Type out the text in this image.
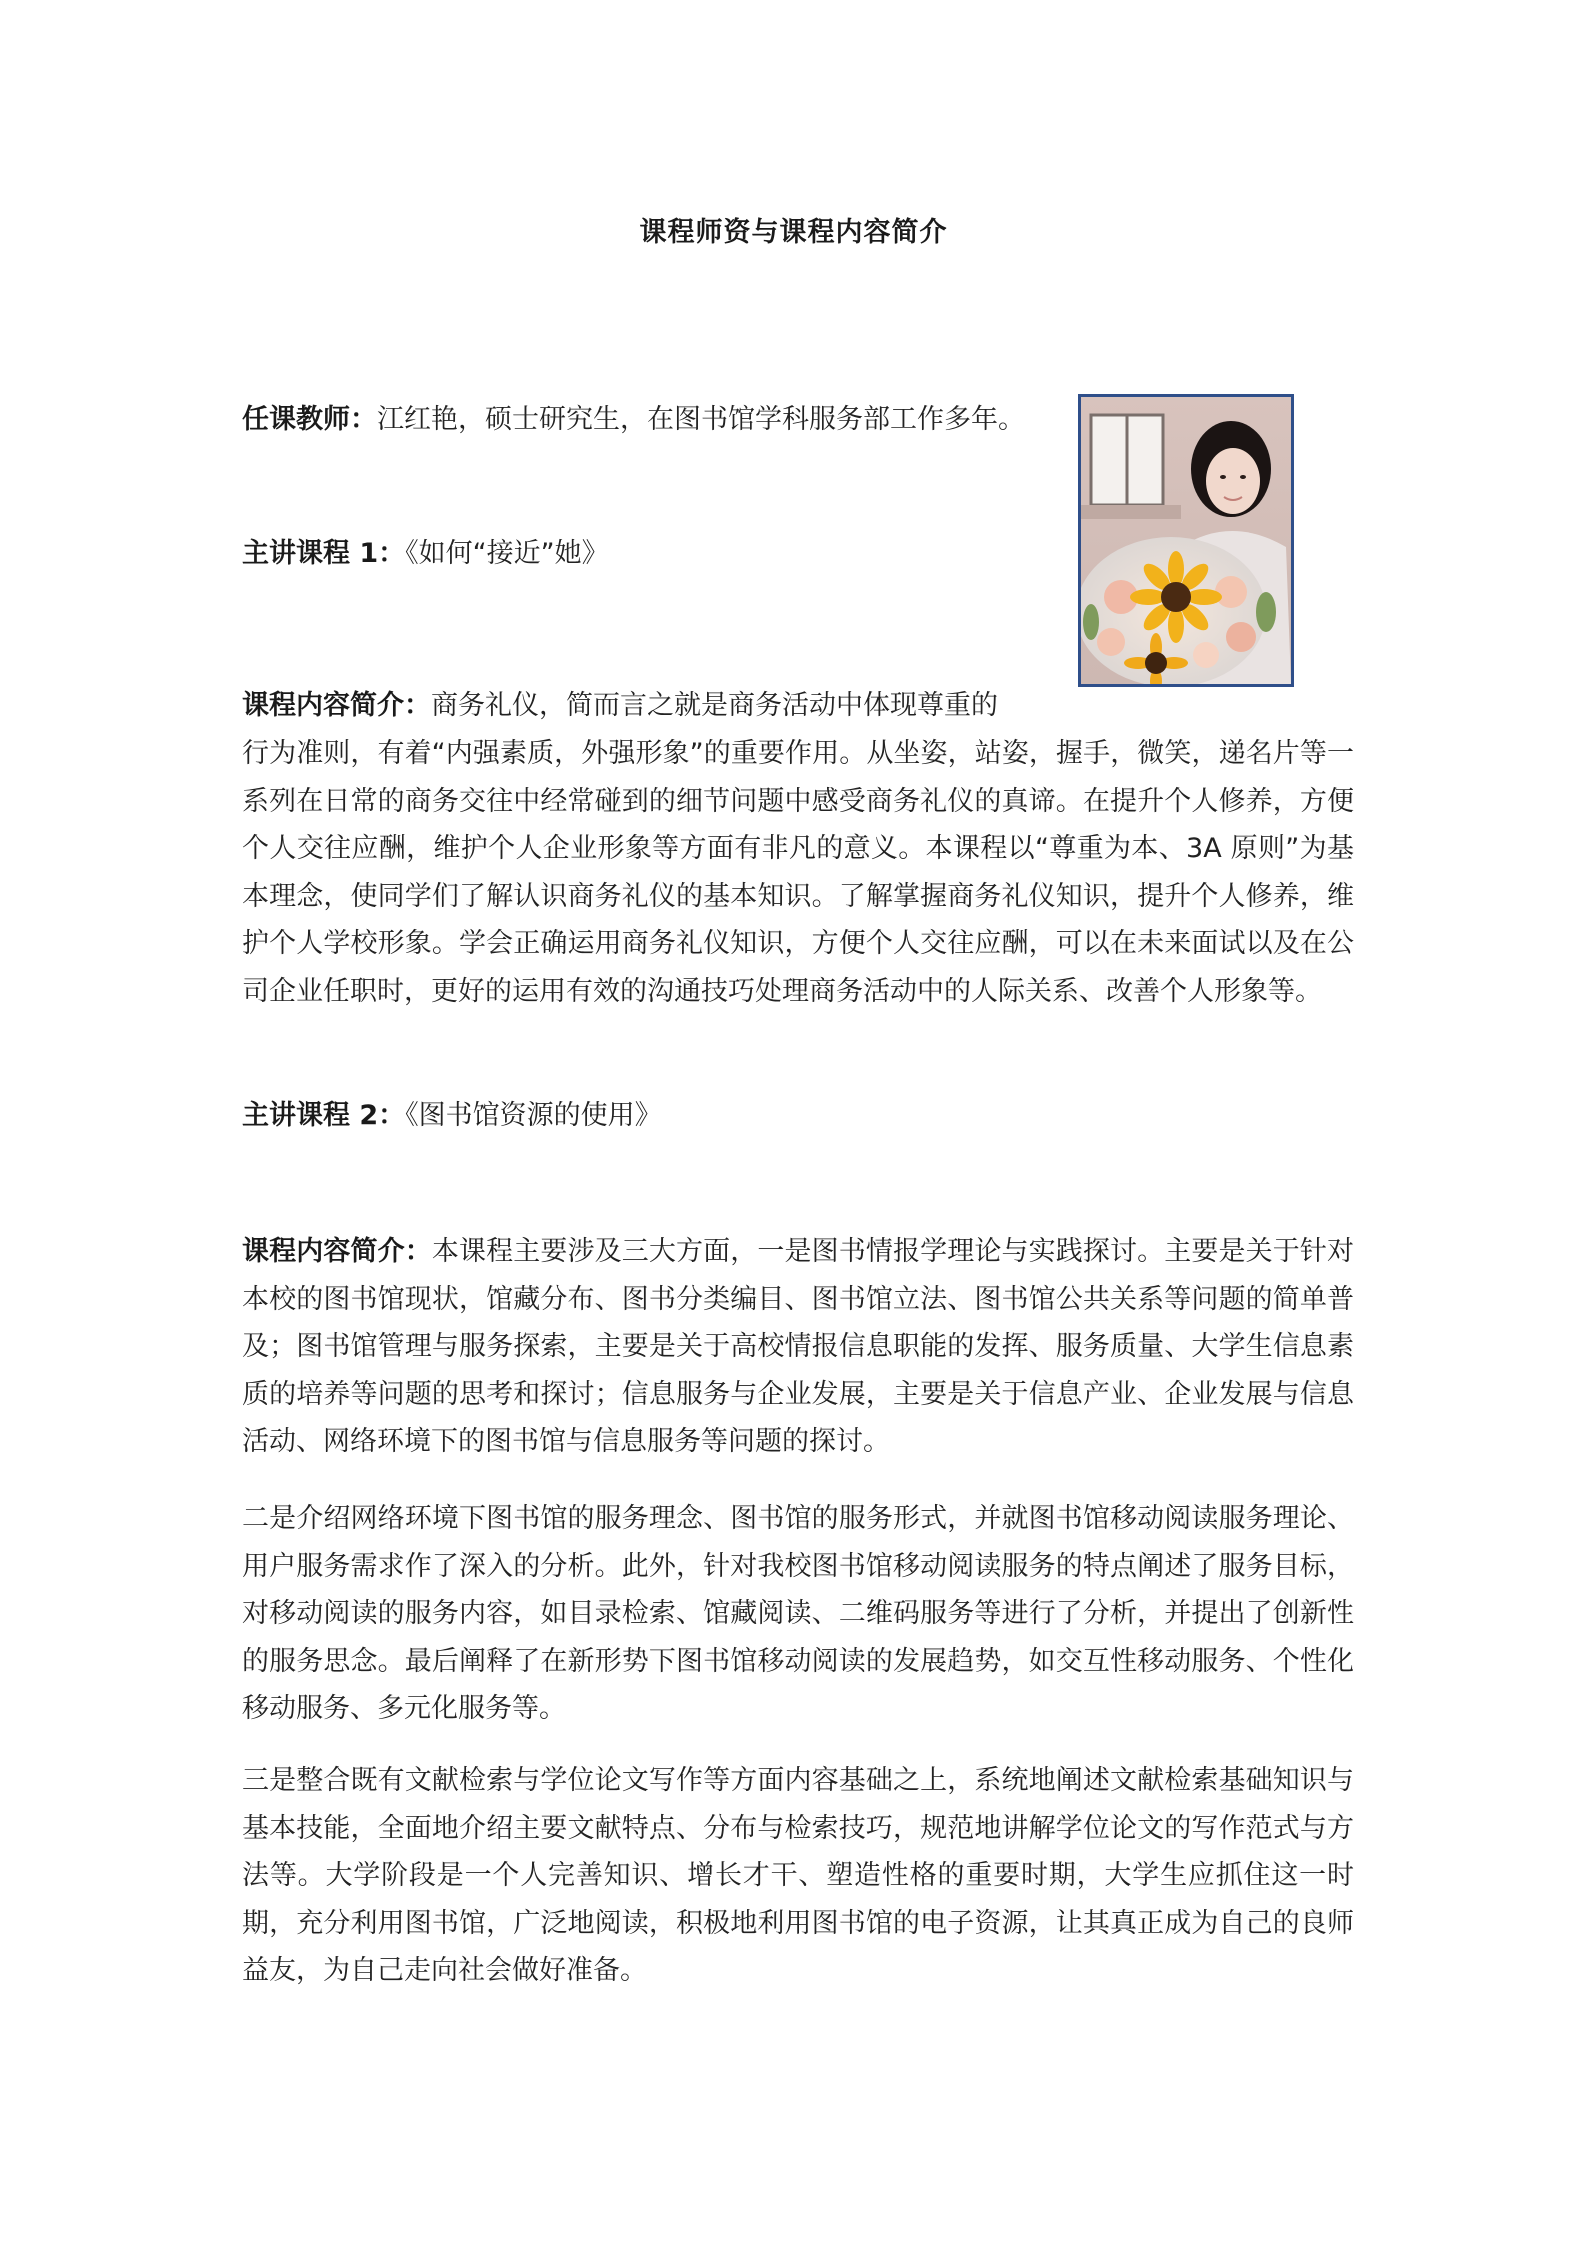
课程师资与课程内容简介

任课教师：江红艳，硕士研究生，在图书馆学科服务部工作多年。

主讲课程 1：《如何“接近”她》

课程内容简介：商务礼仪，简而言之就是商务活动中体现尊重的

行为准则，有着“内强素质，外强形象”的重要作用。从坐姿，站姿，握手，微笑，递名片等一系列在日常的商务交往中经常碰到的细节问题中感受商务礼仪的真谛。在提升个人修养，方便个人交往应酬，维护个人企业形象等方面有非凡的意义。本课程以“尊重为本、3A 原则”为基本理念，使同学们了解认识商务礼仪的基本知识。了解掌握商务礼仪知识，提升个人修养，维护个人学校形象。学会正确运用商务礼仪知识，方便个人交往应酬，可以在未来面试以及在公司企业任职时，更好的运用有效的沟通技巧处理商务活动中的人际关系、改善个人形象等。

主讲课程 2：《图书馆资源的使用》

课程内容简介：本课程主要涉及三大方面，一是图书情报学理论与实践探讨。主要是关于针对本校的图书馆现状，馆藏分布、图书分类编目、图书馆立法、图书馆公共关系等问题的简单普及；图书馆管理与服务探索，主要是关于高校情报信息职能的发挥、服务质量、大学生信息素质的培养等问题的思考和探讨；信息服务与企业发展，主要是关于信息产业、企业发展与信息活动、网络环境下的图书馆与信息服务等问题的探讨。

二是介绍网络环境下图书馆的服务理念、图书馆的服务形式，并就图书馆移动阅读服务理论、用户服务需求作了深入的分析。此外，针对我校图书馆移动阅读服务的特点阐述了服务目标，对移动阅读的服务内容，如目录检索、馆藏阅读、二维码服务等进行了分析，并提出了创新性的服务思念。最后阐释了在新形势下图书馆移动阅读的发展趋势，如交互性移动服务、个性化移动服务、多元化服务等。

三是整合既有文献检索与学位论文写作等方面内容基础之上，系统地阐述文献检索基础知识与基本技能，全面地介绍主要文献特点、分布与检索技巧，规范地讲解学位论文的写作范式与方法等。大学阶段是一个人完善知识、增长才干、塑造性格的重要时期，大学生应抓住这一时期，充分利用图书馆，广泛地阅读，积极地利用图书馆的电子资源，让其真正成为自己的良师益友，为自己走向社会做好准备。
